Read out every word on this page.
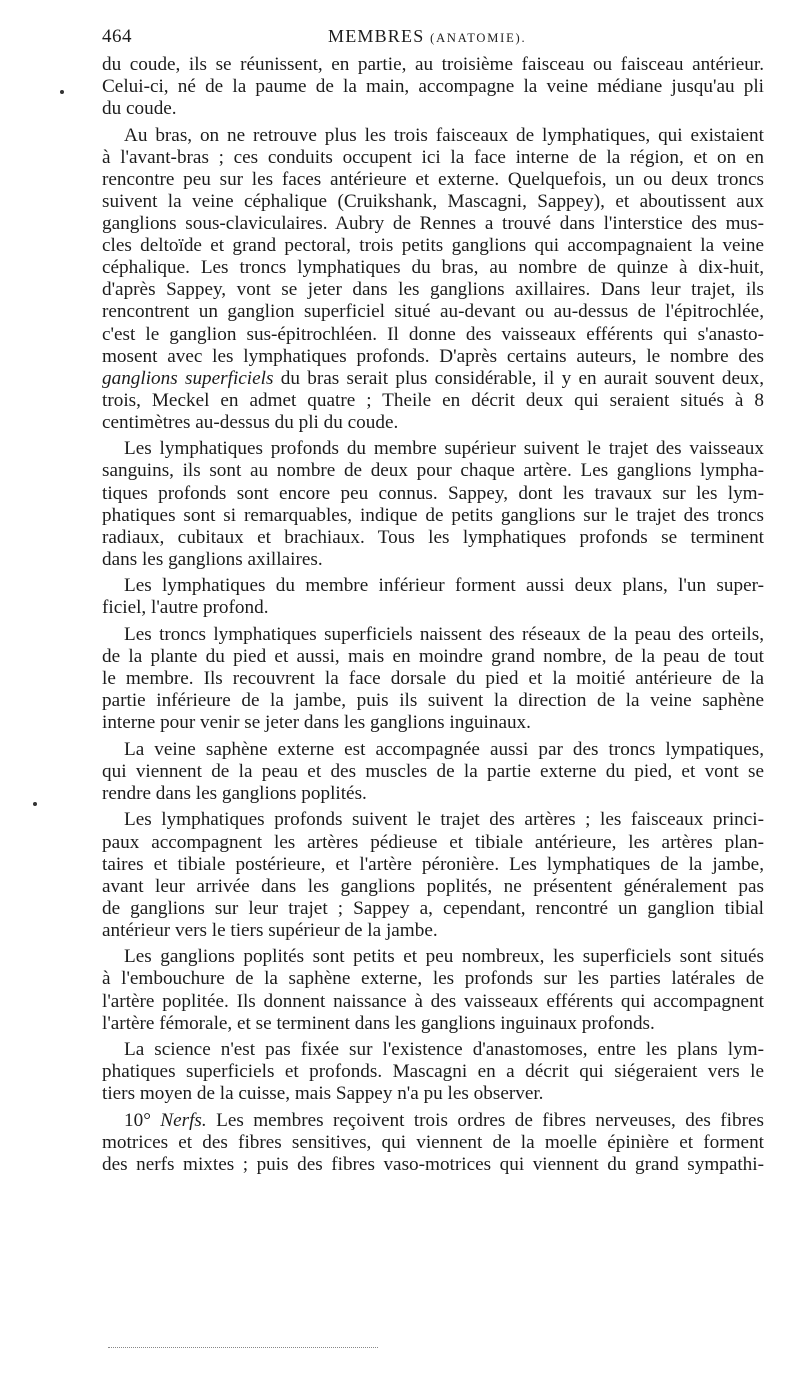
464	MEMBRES (ANATOMIE).

du coude, ils se réunissent, en partie, au troisième faisceau ou faisceau antérieur.
Celui-ci, né de la paume de la main, accompagne la veine médiane jusqu'au pli
du coude.

Au bras, on ne retrouve plus les trois faisceaux de lymphatiques, qui existaient
à l'avant-bras ; ces conduits occupent ici la face interne de la région, et on en
rencontre peu sur les faces antérieure et externe. Quelquefois, un ou deux troncs
suivent la veine céphalique (Cruikshank, Mascagni, Sappey), et aboutissent aux
ganglions sous-claviculaires. Aubry de Rennes a trouvé dans l'interstice des mus-
cles deltoïde et grand pectoral, trois petits ganglions qui accompagnaient la veine
céphalique. Les troncs lymphatiques du bras, au nombre de quinze à dix-huit,
d'après Sappey, vont se jeter dans les ganglions axillaires. Dans leur trajet, ils
rencontrent un ganglion superficiel situé au-devant ou au-dessus de l'épitrochlée,
c'est le ganglion sus-épitrochléen. Il donne des vaisseaux efférents qui s'anasto-
mosent avec les lymphatiques profonds. D'après certains auteurs, le nombre des
ganglions superficiels du bras serait plus considérable, il y en aurait souvent deux,
trois, Meckel en admet quatre ; Theile en décrit deux qui seraient situés à 8
centimètres au-dessus du pli du coude.

Les lymphatiques profonds du membre supérieur suivent le trajet des vaisseaux
sanguins, ils sont au nombre de deux pour chaque artère. Les ganglions lympha-
tiques profonds sont encore peu connus. Sappey, dont les travaux sur les lym-
phatiques sont si remarquables, indique de petits ganglions sur le trajet des troncs
radiaux, cubitaux et brachiaux. Tous les lymphatiques profonds se terminent
dans les ganglions axillaires.

Les lymphatiques du membre inférieur forment aussi deux plans, l'un super-
ficiel, l'autre profond.

Les troncs lymphatiques superficiels naissent des réseaux de la peau des orteils,
de la plante du pied et aussi, mais en moindre grand nombre, de la peau de tout
le membre. Ils recouvrent la face dorsale du pied et la moitié antérieure de la
partie inférieure de la jambe, puis ils suivent la direction de la veine saphène
interne pour venir se jeter dans les ganglions inguinaux.

La veine saphène externe est accompagnée aussi par des troncs lympatiques,
qui viennent de la peau et des muscles de la partie externe du pied, et vont se
rendre dans les ganglions poplités.

Les lymphatiques profonds suivent le trajet des artères ; les faisceaux princi-
paux accompagnent les artères pédieuse et tibiale antérieure, les artères plan-
taires et tibiale postérieure, et l'artère péronière. Les lymphatiques de la jambe,
avant leur arrivée dans les ganglions poplités, ne présentent généralement pas
de ganglions sur leur trajet ; Sappey a, cependant, rencontré un ganglion tibial
antérieur vers le tiers supérieur de la jambe.

Les ganglions poplités sont petits et peu nombreux, les superficiels sont situés
à l'embouchure de la saphène externe, les profonds sur les parties latérales de
l'artère poplitée. Ils donnent naissance à des vaisseaux efférents qui accompagnent
l'artère fémorale, et se terminent dans les ganglions inguinaux profonds.

La science n'est pas fixée sur l'existence d'anastomoses, entre les plans lym-
phatiques superficiels et profonds. Mascagni en a décrit qui siégeraient vers le
tiers moyen de la cuisse, mais Sappey n'a pu les observer.

10° Nerfs. Les membres reçoivent trois ordres de fibres nerveuses, des fibres
motrices et des fibres sensitives, qui viennent de la moelle épinière et forment
des nerfs mixtes ; puis des fibres vaso-motrices qui viennent du grand sympathi-
